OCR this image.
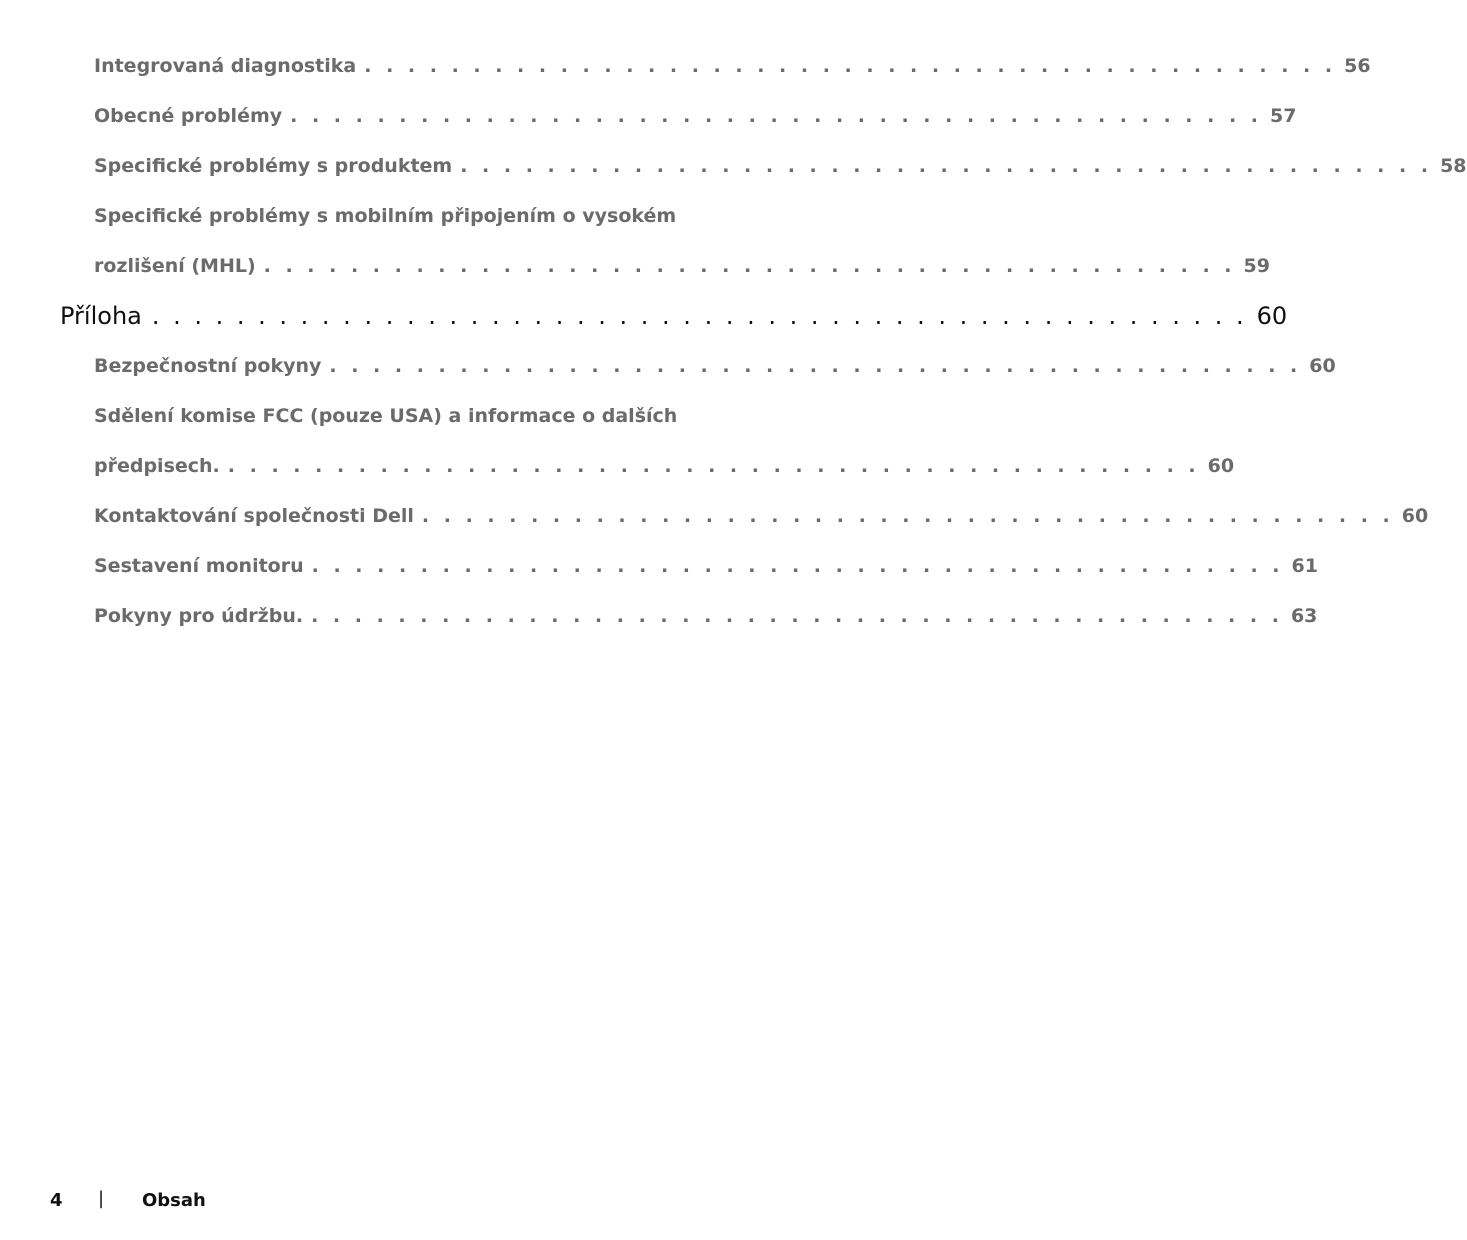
Integrovaná diagnostika . . . . . . . . . . . . . . . . . . . . . . . . . . . . . . . . . . . . . . . . . . . . . 56
Obecné problémy . . . . . . . . . . . . . . . . . . . . . . . . . . . . . . . . . . . . . . . . . . . . . 57
Specifické problémy s produktem . . . . . . . . . . . . . . . . . . . . . . . . . . . . . . . . . . . . . . . . . . . . . 58
Specifické problémy s mobilním připojením o vysokém
rozlišení (MHL) . . . . . . . . . . . . . . . . . . . . . . . . . . . . . . . . . . . . . . . . . . . . . 59
Příloha . . . . . . . . . . . . . . . . . . . . . . . . . . . . . . . . . . . . . . . . . . . . . . . . . . . . 60
Bezpečnostní pokyny . . . . . . . . . . . . . . . . . . . . . . . . . . . . . . . . . . . . . . . . . . . . . 60
Sdělení komise FCC (pouze USA) a informace o dalších
předpisech. . . . . . . . . . . . . . . . . . . . . . . . . . . . . . . . . . . . . . . . . . . . . . 60
Kontaktování společnosti Dell . . . . . . . . . . . . . . . . . . . . . . . . . . . . . . . . . . . . . . . . . . . . . 60
Sestavení monitoru . . . . . . . . . . . . . . . . . . . . . . . . . . . . . . . . . . . . . . . . . . . . . 61
Pokyny pro údržbu. . . . . . . . . . . . . . . . . . . . . . . . . . . . . . . . . . . . . . . . . . . . . . 63
4 | Obsah
